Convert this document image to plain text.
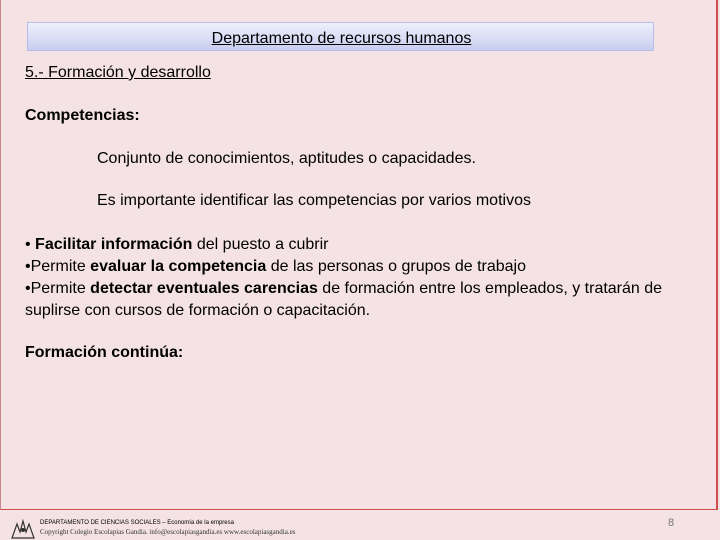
Departamento de recursos humanos
5.- Formación y desarrollo
Competencias:
Conjunto de conocimientos, aptitudes o capacidades.
Es importante identificar las competencias por varios motivos
• Facilitar información del puesto a cubrir
•Permite evaluar la competencia de las personas o grupos de trabajo
•Permite detectar eventuales carencias de formación entre los empleados, y tratarán de suplirse con cursos de formación o capacitación.
Formación continúa:
DEPARTAMENTO DE CIENCIAS SOCIALES – Economía de la empresa
Copyright Colegio Escolapias Gandia. info@escolapiasgandia.es www.escolapiasgandia.es
8
